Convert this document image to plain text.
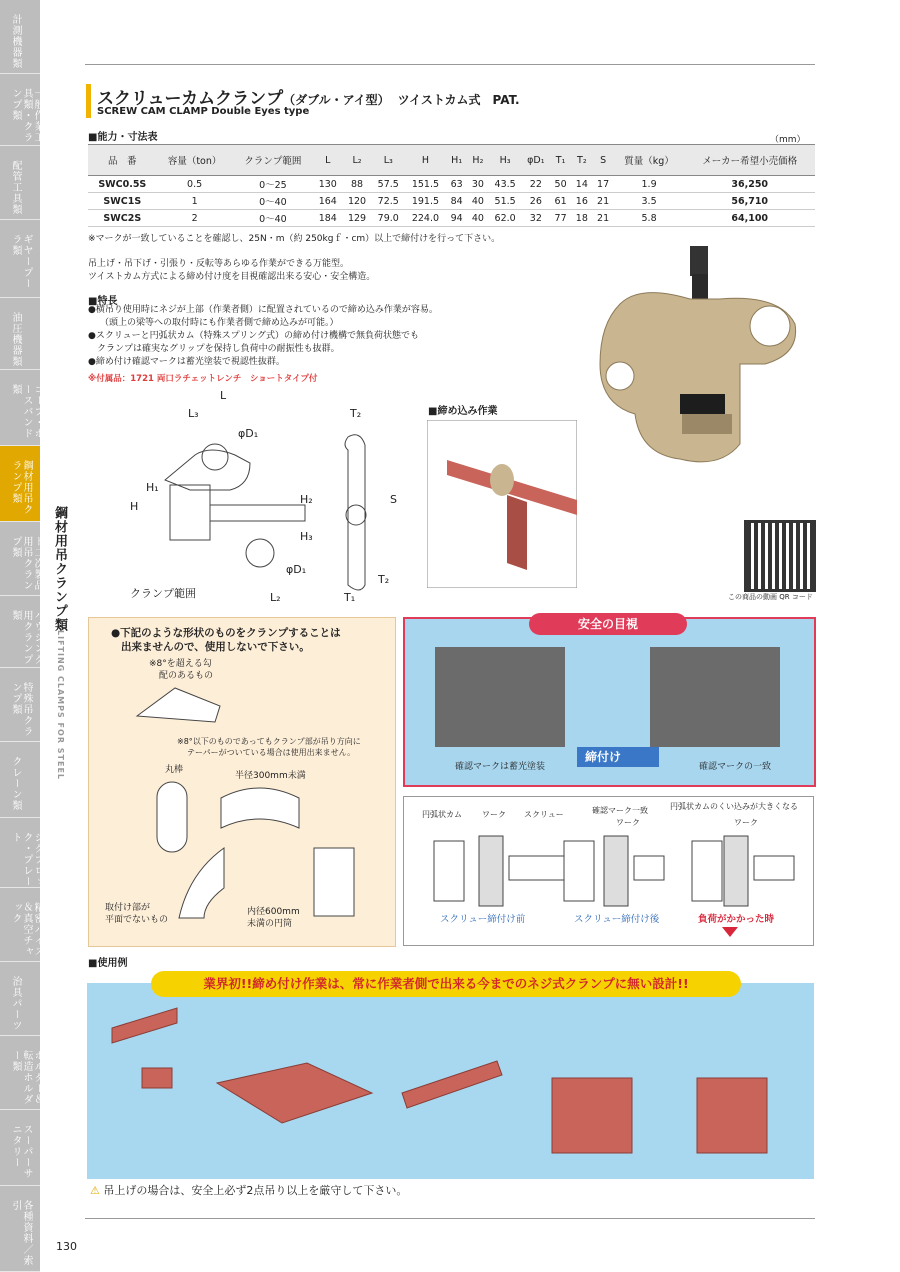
計測機器類
一般作業工具類・クランプ類
配管工具類
ギヤープーラ類
油圧機器類
マイクロスコープ・ホースバンド類
鋼材用吊クランプ類
コンクリート二次製品用吊クランプ類
ハウジング用クランプ類
特殊吊クランプ類
クレーン類
ジグブロック・プレート
精密バイス＆真空チャック
治具パーツ
ローレットホルダー＆転造ホルダー類
スーパーサニタリー
各種資料／索引
鋼材用吊クランプ類
LIFTING CLAMPS FOR STEEL
スクリューカムクランプ（ダブル・アイ型） ツイストカム式　PAT.
SCREW CAM CLAMP Double Eyes type
■能力・寸法表	（mm）
品　番	容量（ton）	クランプ範囲	L	L₂	L₃	H	H₁	H₂	H₃	φD₁	T₁	T₂	S	質量（kg）	メーカー希望小売価格
SWC0.5S	0.5	0～25	130	88	57.5	151.5	63	30	43.5	22	50	14	17	1.9	36,250
SWC1S	1	0～40	164	120	72.5	191.5	84	40	51.5	26	61	16	21	3.5	56,710
SWC2S	2	0～40	184	129	79.0	224.0	94	40	62.0	32	77	18	21	5.8	64,100
※マークが一致していることを確認し、25N・m（約 250kgｆ・cm）以上で締付けを行って下さい。
吊上げ・吊下げ・引張り・反転等あらゆる作業ができる万能型。
ツイストカム方式による締め付け度を目視確認出来る安心・安全構造。
■特長
●横吊り使用時にネジが上部（作業者側）に配置されているので締め込み作業が容易。
（頭上の梁等への取付時にも作業者側で締め込みが可能。）
●スクリューと円弧状カム（特殊スプリング式）の締め付け機構で無負荷状態でも
　クランプは確実なグリップを保持し負荷中の耐振性も抜群。
●締め付け確認マークは蓄光塗装で視認性抜群。
※付属品：1721 両口ラチェットレンチ　ショートタイプ付
この商品の動画 QR コード
L
L₃
φD₁
H
H₁
H₂
H₃
φD₁
T₂
S
T₂
T₁
L₂
クランプ範囲
■締め込み作業
●下記のような形状のものをクランプすることは
出来ませんので、使用しないで下さい。
※8°を超える勾
配のあるもの
※8°以下のものであってもクランプ部が吊り方向に
テーパーがついている場合は使用出来ません。
丸棒
半径300mm未満
取付け部が
平面でないもの
内径600mm
未満の円筒
安全の目視
確認マークは蓄光塗装
締付け
確認マークの一致
円弧状カム	ワーク スクリュー	確認マーク一致
ワーク
円弧状カムのくい込みが大きくなる
ワーク
スクリュー締付け前	スクリュー締付け後	負荷がかかった時
■使用例
業界初!!締め付け作業は、常に作業者側で出来る今までのネジ式クランプに無い設計!!
⚠ 吊上げの場合は、安全上必ず2点吊り以上を厳守して下さい。
130
